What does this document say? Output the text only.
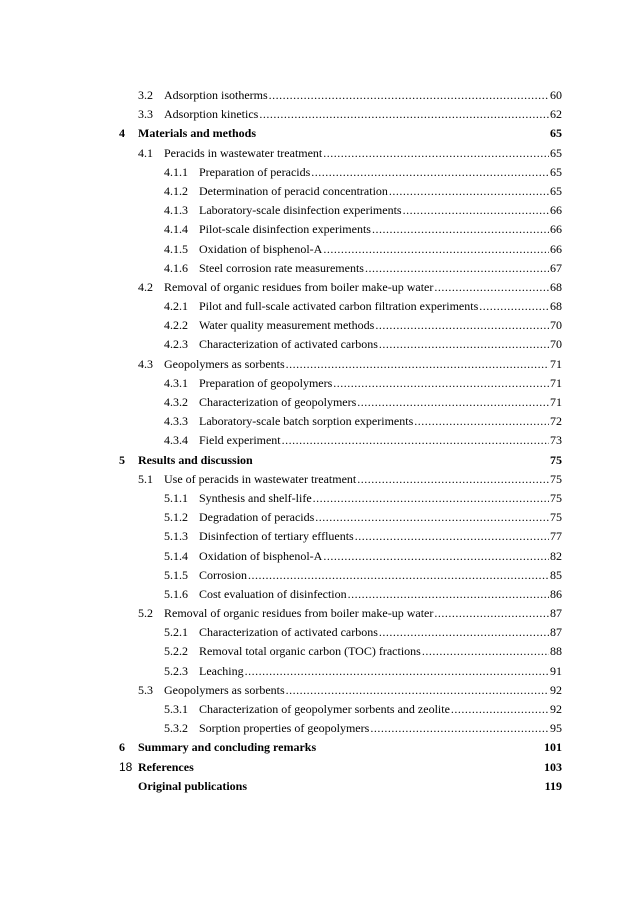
3.2 Adsorption isotherms .....	60
3.3 Adsorption kinetics .....	62
4	Materials and methods	65
4.1 Peracids in wastewater treatment .....	65
4.1.1 Preparation of peracids .....	65
4.1.2 Determination of peracid concentration .....	65
4.1.3 Laboratory-scale disinfection experiments .....	66
4.1.4 Pilot-scale disinfection experiments .....	66
4.1.5 Oxidation of bisphenol-A .....	66
4.1.6 Steel corrosion rate measurements .....	67
4.2 Removal of organic residues from boiler make-up water .....	68
4.2.1 Pilot and full-scale activated carbon filtration experiments .....	68
4.2.2 Water quality measurement methods .....	70
4.2.3 Characterization of activated carbons .....	70
4.3 Geopolymers as sorbents .....	71
4.3.1 Preparation of geopolymers .....	71
4.3.2 Characterization of geopolymers .....	71
4.3.3 Laboratory-scale batch sorption experiments .....	72
4.3.4 Field experiment .....	73
5	Results and discussion	75
5.1 Use of peracids in wastewater treatment .....	75
5.1.1 Synthesis and shelf-life .....	75
5.1.2 Degradation of peracids .....	75
5.1.3 Disinfection of tertiary effluents .....	77
5.1.4 Oxidation of bisphenol-A .....	82
5.1.5 Corrosion .....	85
5.1.6 Cost evaluation of disinfection .....	86
5.2 Removal of organic residues from boiler make-up water .....	87
5.2.1 Characterization of activated carbons .....	87
5.2.2 Removal total organic carbon (TOC) fractions .....	88
5.2.3 Leaching .....	91
5.3 Geopolymers as sorbents .....	92
5.3.1 Characterization of geopolymer sorbents and zeolite .....	92
5.3.2 Sorption properties of geopolymers .....	95
6	Summary and concluding remarks	101
References	103
Original publications	119
18
